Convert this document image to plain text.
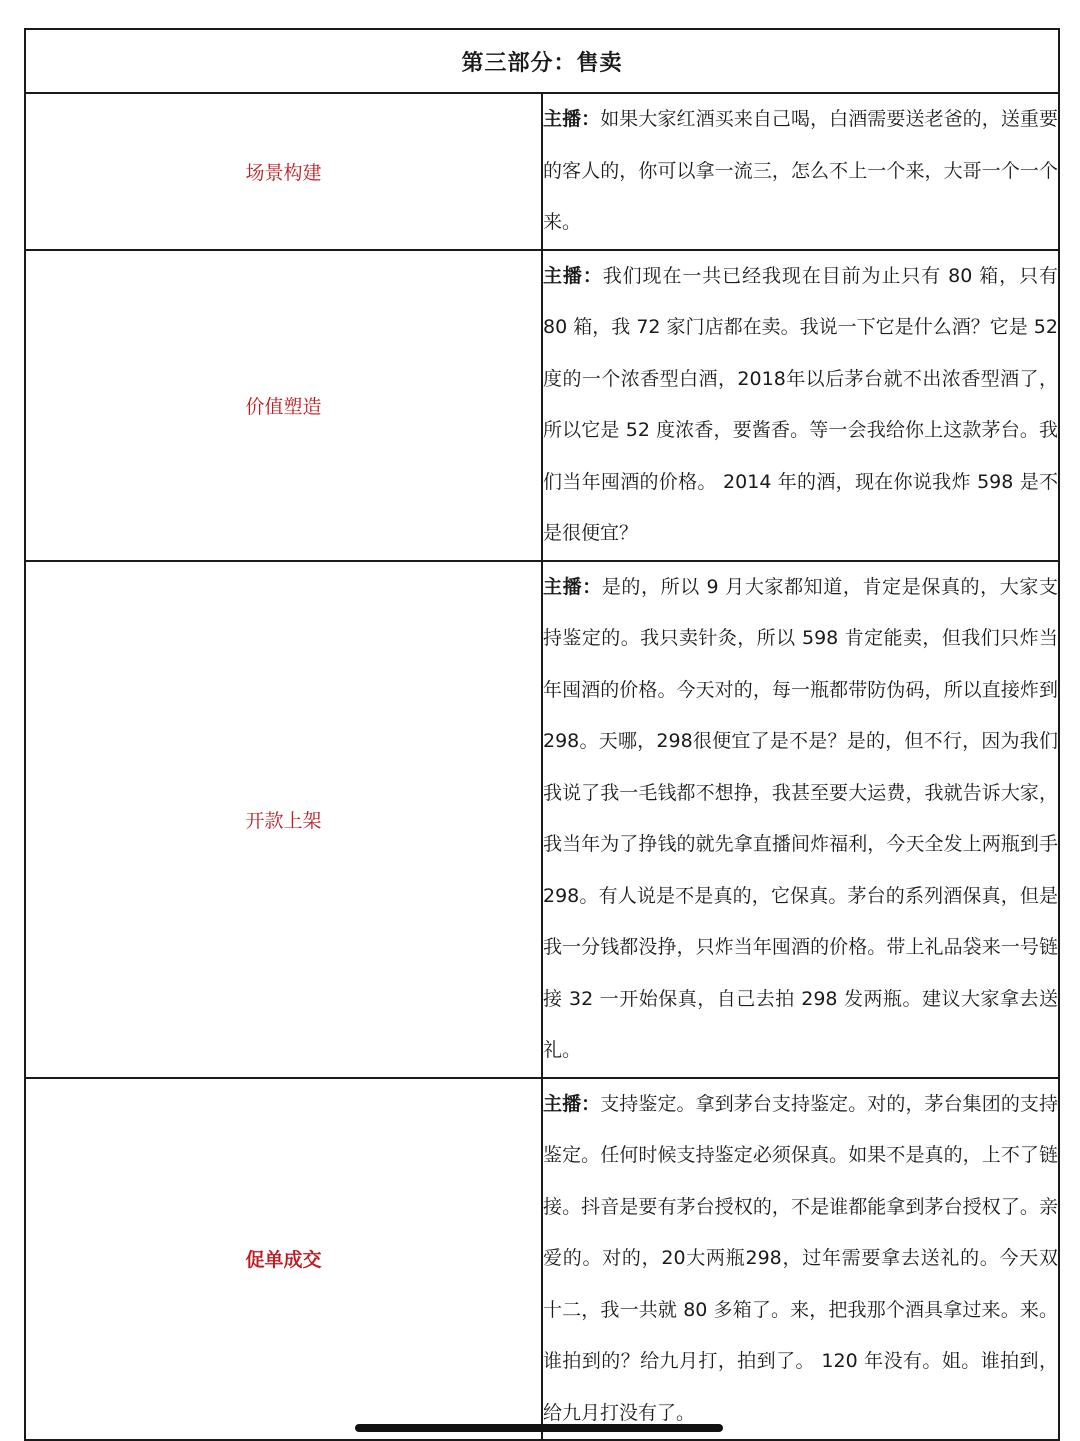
第三部分：售卖	
场景构建	主播：如果大家红酒买来自己喝，白酒需要送老爸的，送重要的客人的，你可以拿一流三，怎么不上一个来，大哥一个一个来。
价值塑造	主播：我们现在一共已经我现在目前为止只有 80 箱，只有 80 箱，我 72 家门店都在卖。我说一下它是什么酒？它是 52 度的一个浓香型白酒，2018年以后茅台就不出浓香型酒了，所以它是 52 度浓香，要酱香。等一会我给你上这款茅台。我们当年囤酒的价格。 2014 年的酒，现在你说我炸 598 是不是很便宜？
开款上架	主播：是的，所以 9 月大家都知道，肯定是保真的，大家支持鉴定的。我只卖针灸，所以 598 肯定能卖，但我们只炸当年囤酒的价格。今天对的，每一瓶都带防伪码，所以直接炸到298。天哪，298很便宜了是不是？是的，但不行，因为我们我说了我一毛钱都不想挣，我甚至要大运费，我就告诉大家，我当年为了挣钱的就先拿直播间炸福利，今天全发上两瓶到手298。有人说是不是真的，它保真。茅台的系列酒保真，但是我一分钱都没挣，只炸当年囤酒的价格。带上礼品袋来一号链接 32 一开始保真，自己去拍 298 发两瓶。建议大家拿去送礼。
促单成交	主播：支持鉴定。拿到茅台支持鉴定。对的，茅台集团的支持鉴定。任何时候支持鉴定必须保真。如果不是真的，上不了链接。抖音是要有茅台授权的，不是谁都能拿到茅台授权了。亲爱的。对的，20大两瓶298，过年需要拿去送礼的。今天双十二，我一共就 80 多箱了。来，把我那个酒具拿过来。来。谁拍到的？给九月打，拍到了。 120 年没有。姐。谁拍到，给九月打没有了。
